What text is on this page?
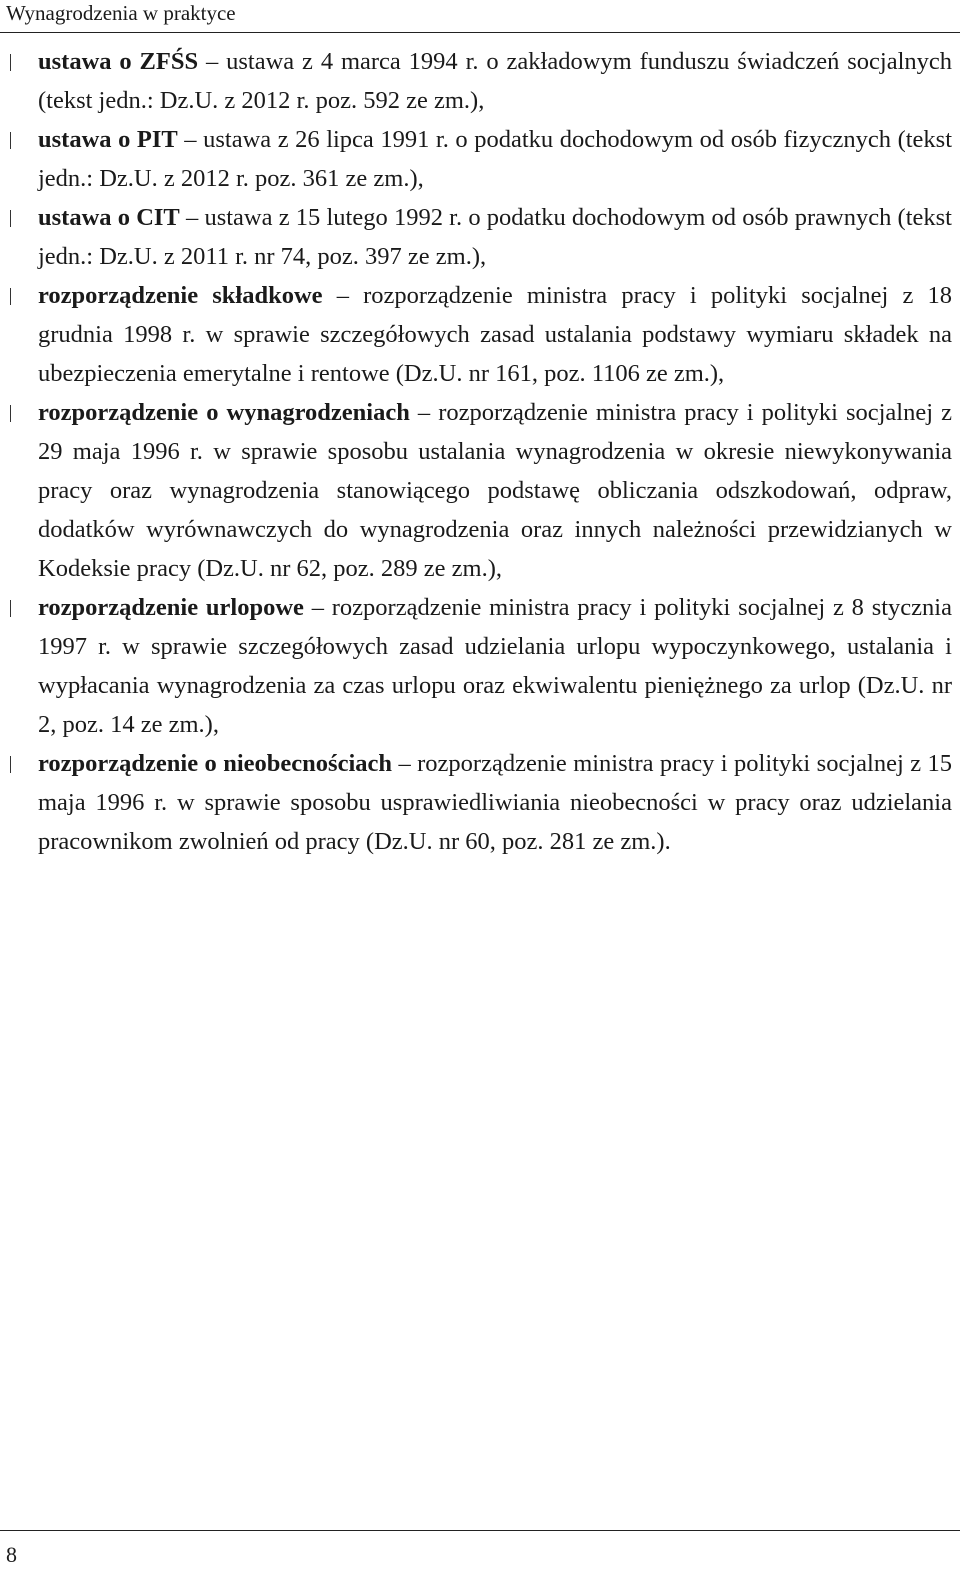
Wynagrodzenia w praktyce
ustawa o ZFŚS – ustawa z 4 marca 1994 r. o zakładowym funduszu świadczeń socjalnych (tekst jedn.: Dz.U. z 2012 r. poz. 592 ze zm.),
ustawa o PIT – ustawa z 26 lipca 1991 r. o podatku dochodowym od osób fizycznych (tekst jedn.: Dz.U. z 2012 r. poz. 361 ze zm.),
ustawa o CIT – ustawa z 15 lutego 1992 r. o podatku dochodowym od osób prawnych (tekst jedn.: Dz.U. z 2011 r. nr 74, poz. 397 ze zm.),
rozporządzenie składkowe – rozporządzenie ministra pracy i polityki socjalnej z 18 grudnia 1998 r. w sprawie szczegółowych zasad ustalania podstawy wymiaru składek na ubezpieczenia emerytalne i rentowe (Dz.U. nr 161, poz. 1106 ze zm.),
rozporządzenie o wynagrodzeniach – rozporządzenie ministra pracy i polityki socjalnej z 29 maja 1996 r. w sprawie sposobu ustalania wynagrodzenia w okresie niewykonywania pracy oraz wynagrodzenia stanowiącego podstawę obliczania odszkodowań, odpraw, dodatków wyrównawczych do wynagrodzenia oraz innych należności przewidzianych w Kodeksie pracy (Dz.U. nr 62, poz. 289 ze zm.),
rozporządzenie urlopowe – rozporządzenie ministra pracy i polityki socjalnej z 8 stycznia 1997 r. w sprawie szczegółowych zasad udzielania urlopu wypoczynkowego, ustalania i wypłacania wynagrodzenia za czas urlopu oraz ekwiwalentu pieniężnego za urlop (Dz.U. nr 2, poz. 14 ze zm.),
rozporządzenie o nieobecnościach – rozporządzenie ministra pracy i polityki socjalnej z 15 maja 1996 r. w sprawie sposobu usprawiedliwiania nieobecności w pracy oraz udzielania pracownikom zwolnień od pracy (Dz.U. nr 60, poz. 281 ze zm.).
8
